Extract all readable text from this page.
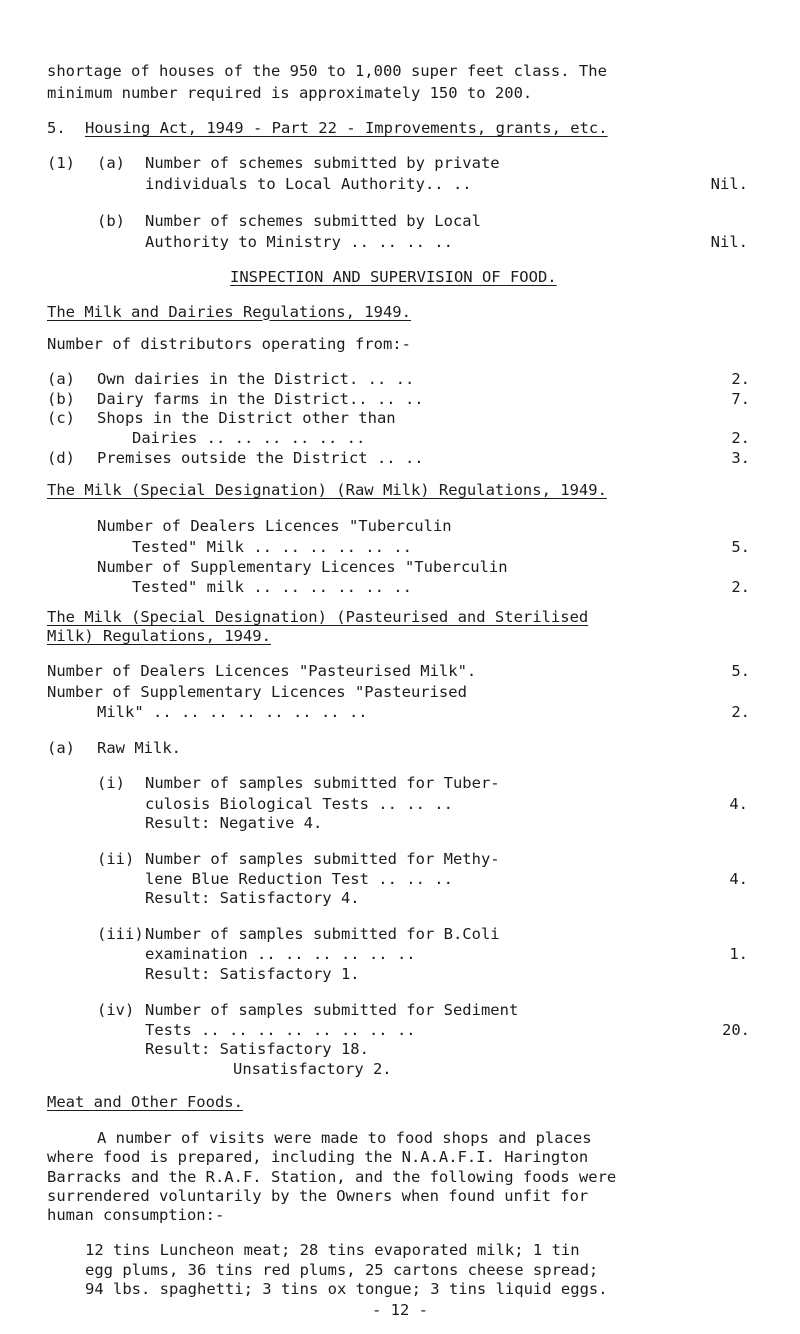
shortage of houses of the 950 to 1,000 super feet class. The
minimum number required is approximately 150 to 200.
5. Housing Act, 1949 - Part 22 - Improvements, grants, etc.
(1) (a) Number of schemes submitted by private
individuals to Local Authority.. ..	Nil.
(b) Number of schemes submitted by Local
Authority to Ministry .. .. .. ..	Nil.
INSPECTION AND SUPERVISION OF FOOD.
The Milk and Dairies Regulations, 1949.
Number of distributors operating from:-
(a) Own dairies in the District. .. ..	2.
(b) Dairy farms in the District.. .. ..	7.
(c) Shops in the District other than
Dairies .. .. .. .. .. ..	2.
(d) Premises outside the District .. ..	3.
The Milk (Special Designation) (Raw Milk) Regulations, 1949.
Number of Dealers Licences "Tuberculin
Tested" Milk .. .. .. .. .. ..	5.
Number of Supplementary Licences "Tuberculin
Tested" milk .. .. .. .. .. ..	2.
The Milk (Special Designation) (Pasteurised and Sterilised
Milk) Regulations, 1949.
Number of Dealers Licences "Pasteurised Milk".	5.
Number of Supplementary Licences "Pasteurised
Milk" .. .. .. .. .. .. .. ..	2.
(a) Raw Milk.
(i) Number of samples submitted for Tuber-
culosis Biological Tests .. .. ..	4.
Result: Negative 4.
(ii) Number of samples submitted for Methy-
lene Blue Reduction Test .. .. ..	4.
Result: Satisfactory 4.
(iii) Number of samples submitted for B.Coli
examination .. .. .. .. .. ..	1.
Result: Satisfactory 1.
(iv) Number of samples submitted for Sediment
Tests .. .. .. .. .. .. .. ..	20.
Result: Satisfactory 18.
Unsatisfactory 2.
Meat and Other Foods.
A number of visits were made to food shops and places
where food is prepared, including the N.A.A.F.I. Harington
Barracks and the R.A.F. Station, and the following foods were
surrendered voluntarily by the Owners when found unfit for
human consumption:-
12 tins Luncheon meat; 28 tins evaporated milk; 1 tin
egg plums, 36 tins red plums, 25 cartons cheese spread;
94 lbs. spaghetti; 3 tins ox tongue; 3 tins liquid eggs.
- 12 -
